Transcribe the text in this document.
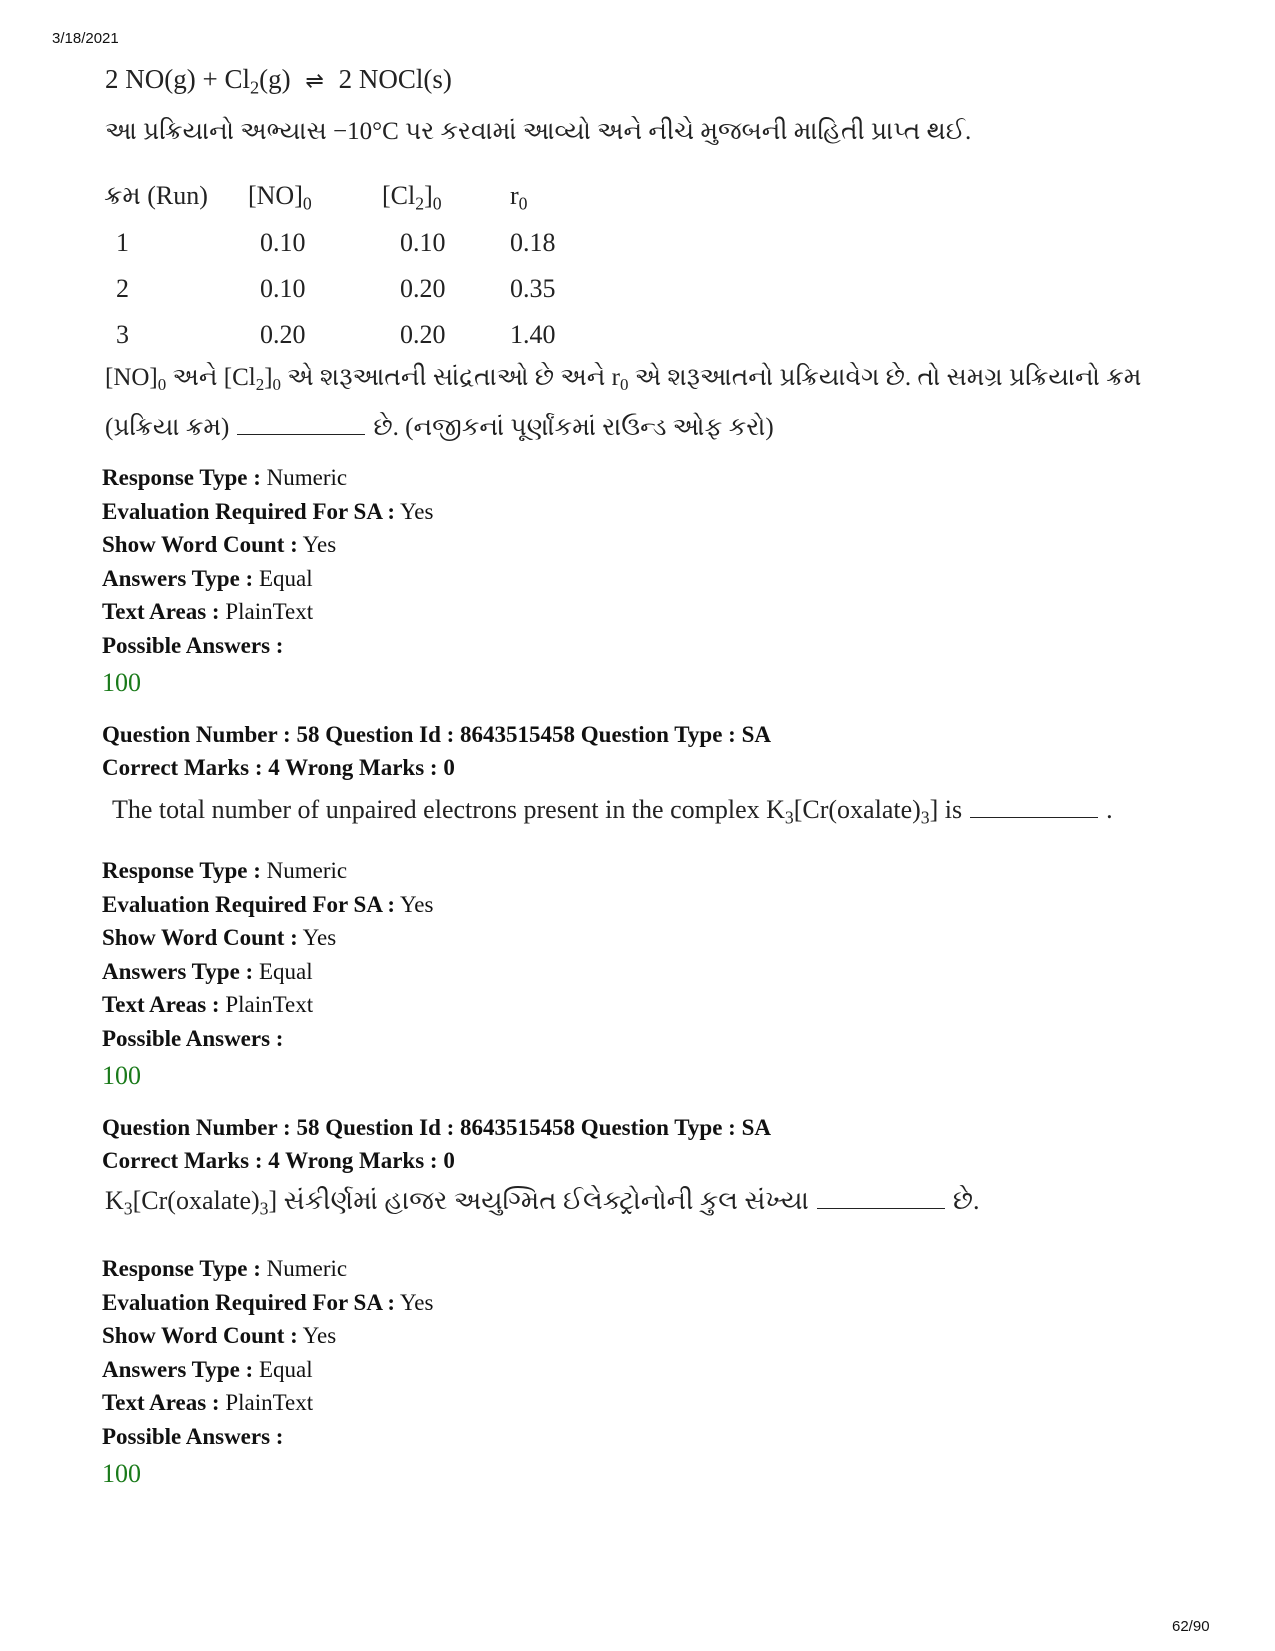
3/18/2021
2 $NO(g) + Cl_2(g)$ ⇌ 2 NOCl(s)
આ પ્રક્રિયાનો અભ્યાસ −10°C પર કરવામાં આવ્યો અને નીચે મુજબની માહિતી પ્રાપ્ત થઈ.
ક્રમ (Run)	$[NO]_0$	$[Cl_2]_0$	$r_0$
1	0.10	0.10	0.18
2	0.10	0.20	0.35
3	0.20	0.20	1.40
$[NO]_0$ અને $[Cl_2]_0$ એ શરૂઆતની સાંદ્રતાઓ છે અને $r_0$ એ શરૂઆતનો પ્રક્રિયાવેગ છે. તો સમગ્ર પ્રક્રિયાનો ક્રમ
(પ્રક્રિયા ક્રમ)	છે. (નજીકનાં પૂર્ણાંકમાં રાઉન્ડ ઓફ કરો)
Response Type : Numeric
Evaluation Required For SA : Yes
Show Word Count : Yes
Answers Type : Equal
Text Areas : PlainText
Possible Answers :
100
Question Number : 58 Question Id : 8643515458 Question Type : SA
Correct Marks : 4 Wrong Marks : 0
The total number of unpaired electrons present in the complex $K_3[Cr(oxalate)_3]$ is	.
Response Type : Numeric
Evaluation Required For SA : Yes
Show Word Count : Yes
Answers Type : Equal
Text Areas : PlainText
Possible Answers :
100
Question Number : 58 Question Id : 8643515458 Question Type : SA
Correct Marks : 4 Wrong Marks : 0
$K_3[Cr(oxalate)_3]$ સંકીર્ણમાં હાજર અયુગ્મિત ઈલેક્ટ્રોનોની કુલ સંખ્યા	છે.
Response Type : Numeric
Evaluation Required For SA : Yes
Show Word Count : Yes
Answers Type : Equal
Text Areas : PlainText
Possible Answers :
100
62/90
